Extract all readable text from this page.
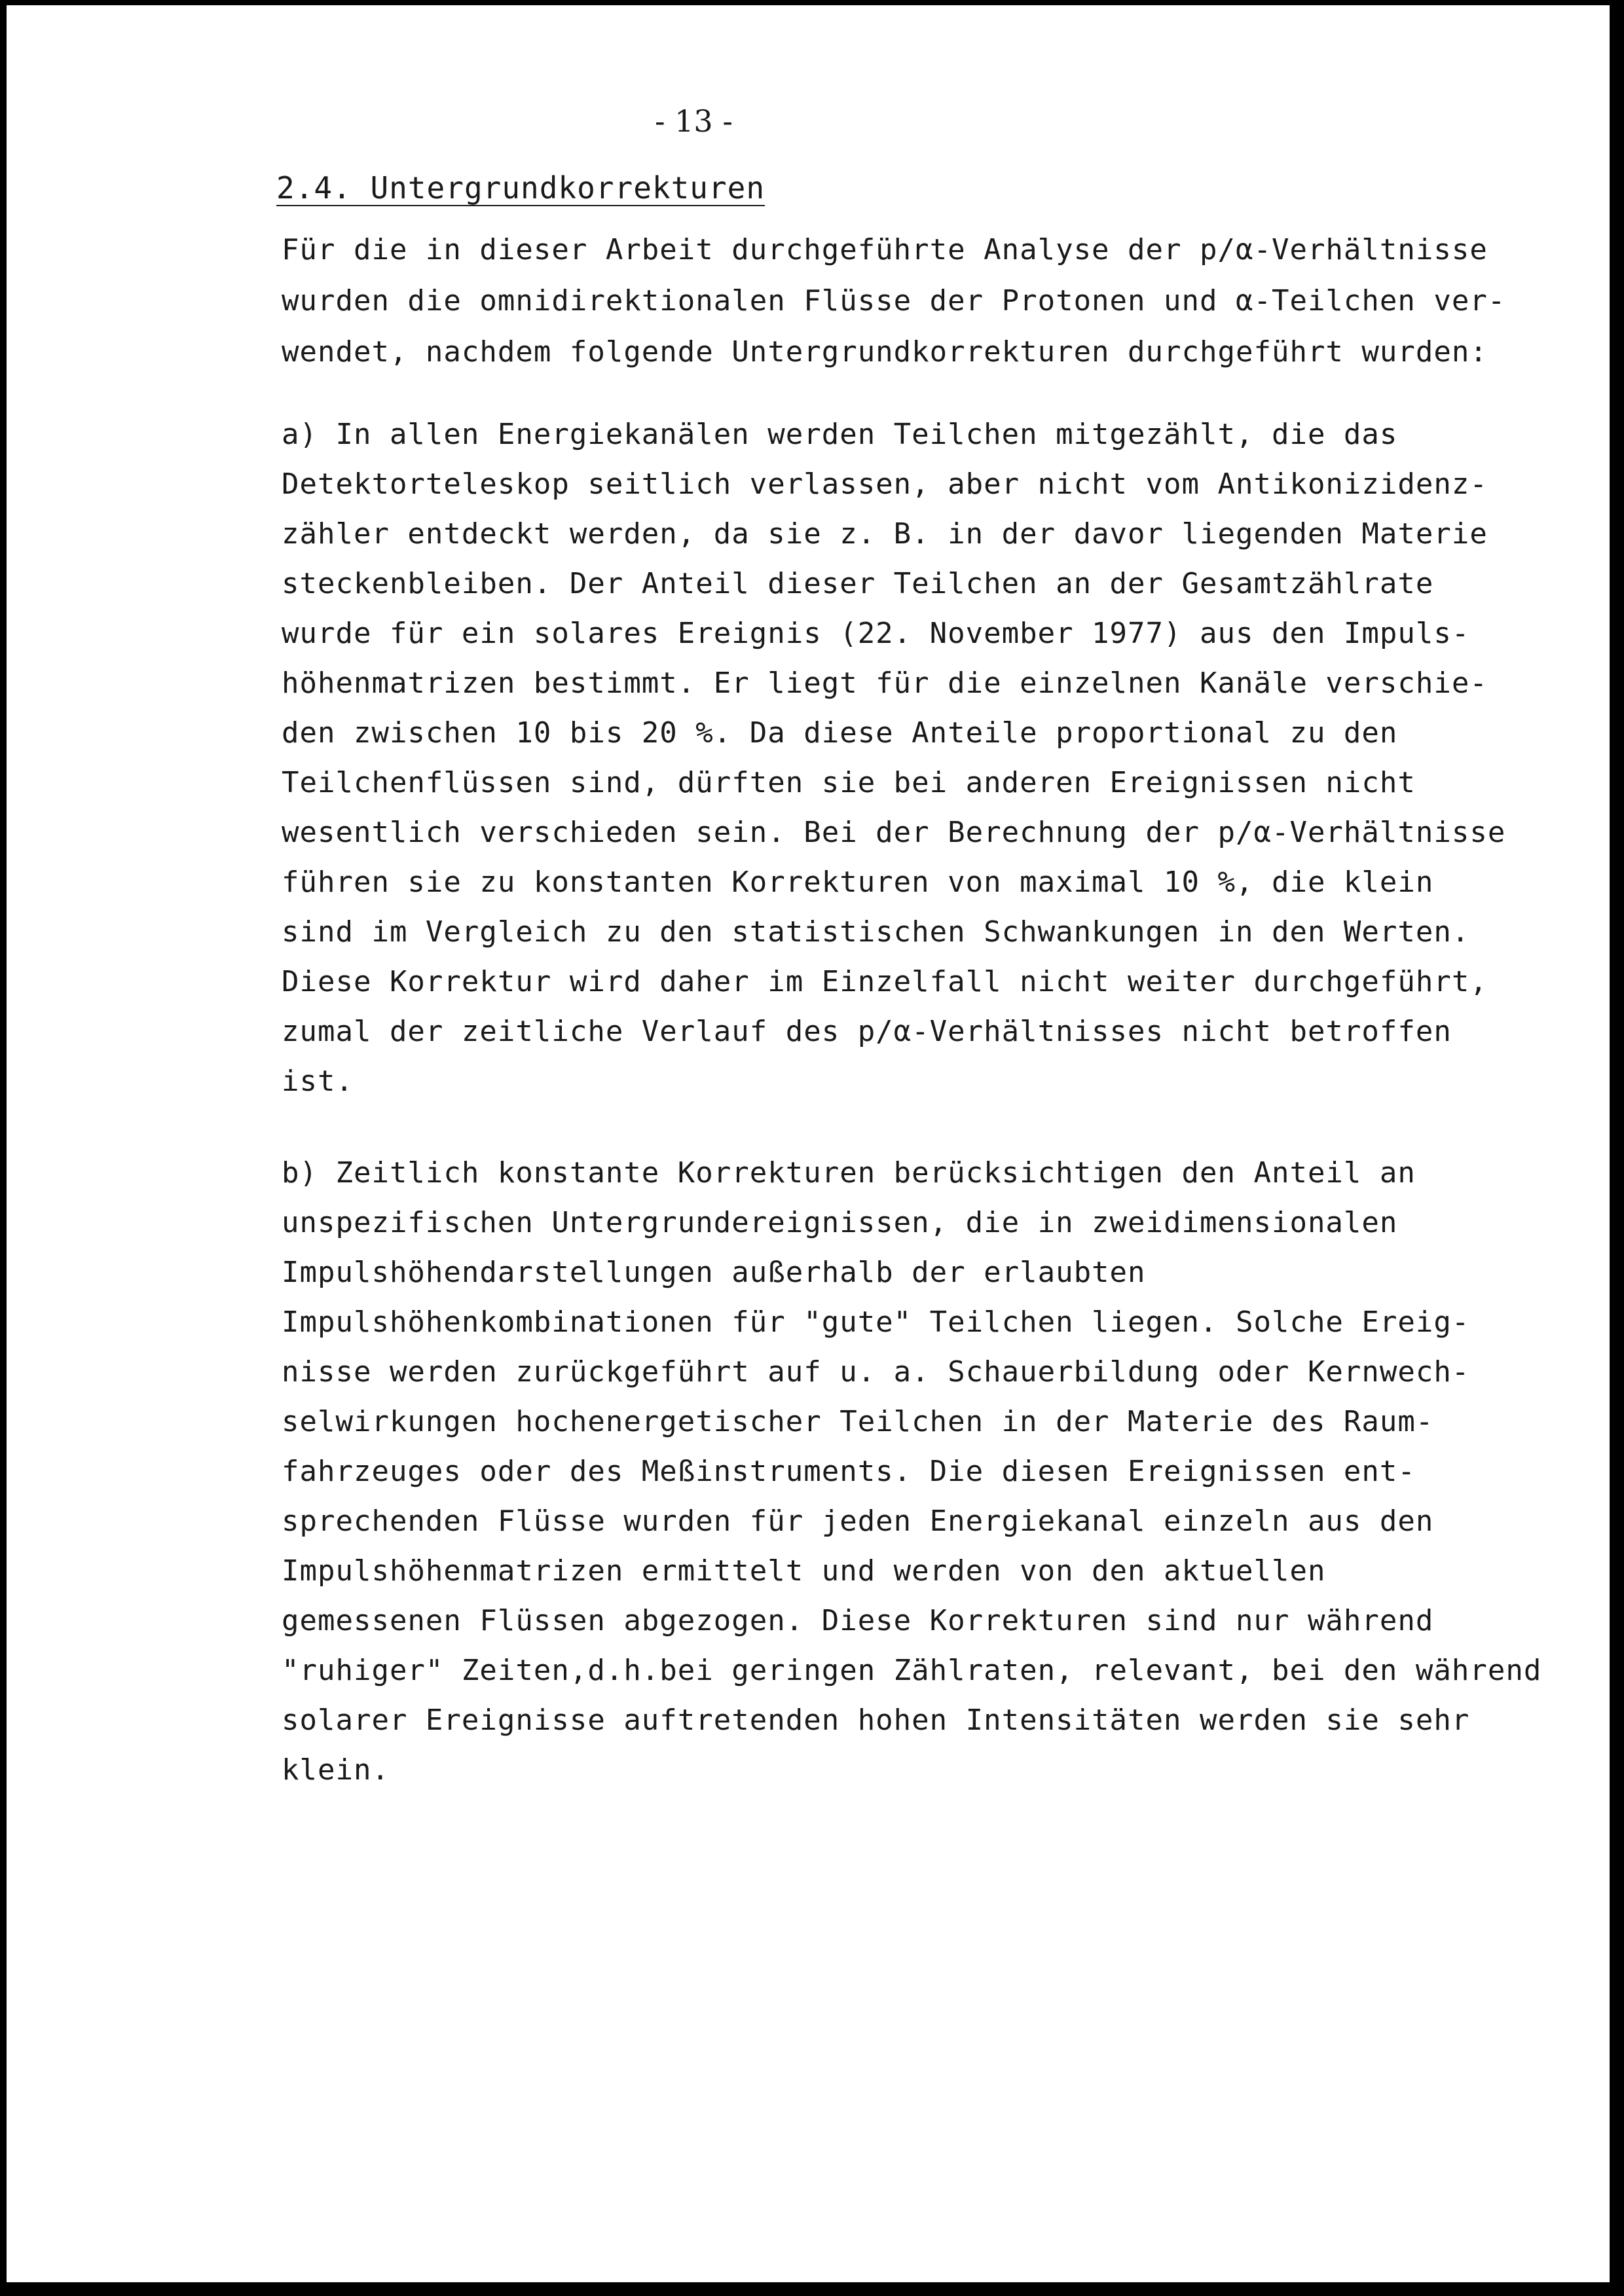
- 13 -
2.4. Untergrundkorrekturen
Für die in dieser Arbeit durchgeführte Analyse der p/α-Verhältnisse
wurden die omnidirektionalen Flüsse der Protonen und α-Teilchen ver-
wendet, nachdem folgende Untergrundkorrekturen durchgeführt wurden:
a) In allen Energiekanälen werden Teilchen mitgezählt, die das
Detektorteleskop seitlich verlassen, aber nicht vom Antikonizidenz-
zähler entdeckt werden, da sie z. B. in der davor liegenden Materie
steckenbleiben. Der Anteil dieser Teilchen an der Gesamtzählrate
wurde für ein solares Ereignis (22. November 1977) aus den Impuls-
höhenmatrizen bestimmt. Er liegt für die einzelnen Kanäle verschie-
den zwischen 10 bis 20 %. Da diese Anteile proportional zu den
Teilchenflüssen sind, dürften sie bei anderen Ereignissen nicht
wesentlich verschieden sein. Bei der Berechnung der p/α-Verhältnisse
führen sie zu konstanten Korrekturen von maximal 10 %, die klein
sind im Vergleich zu den statistischen Schwankungen in den Werten.
Diese Korrektur wird daher im Einzelfall nicht weiter durchgeführt,
zumal der zeitliche Verlauf des p/α-Verhältnisses nicht betroffen
ist.
b) Zeitlich konstante Korrekturen berücksichtigen den Anteil an
unspezifischen Untergrundereignissen, die in zweidimensionalen
Impulshöhendarstellungen außerhalb der erlaubten
Impulshöhenkombinationen für "gute" Teilchen liegen. Solche Ereig-
nisse werden zurückgeführt auf u. a. Schauerbildung oder Kernwech-
selwirkungen hochenergetischer Teilchen in der Materie des Raum-
fahrzeuges oder des Meßinstruments. Die diesen Ereignissen ent-
sprechenden Flüsse wurden für jeden Energiekanal einzeln aus den
Impulshöhenmatrizen ermittelt und werden von den aktuellen
gemessenen Flüssen abgezogen. Diese Korrekturen sind nur während
"ruhiger" Zeiten,d.h.bei geringen Zählraten, relevant, bei den während
solarer Ereignisse auftretenden hohen Intensitäten werden sie sehr
klein.
